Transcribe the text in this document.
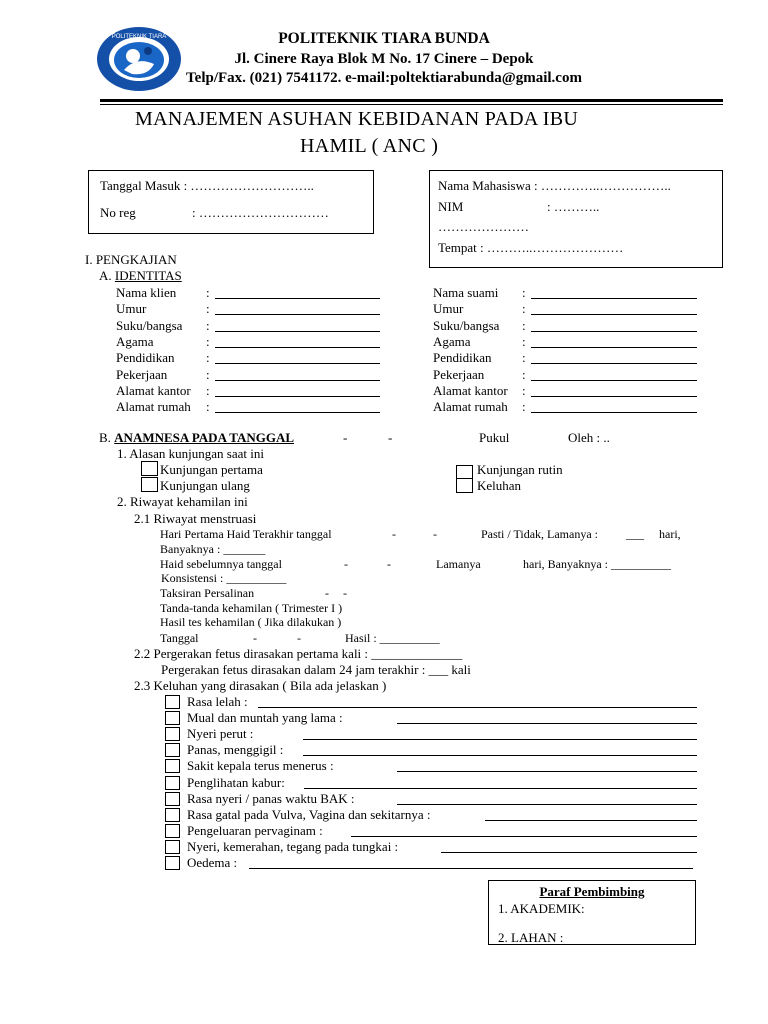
POLITEKNIK TIARA	POLITEKNIK TIARA BUNDA
Jl. Cinere Raya Blok M No. 17 Cinere – Depok
Telp/Fax. (021) 7541172. e-mail:poltektiarabunda@gmail.com
MANAJEMEN ASUHAN KEBIDANAN PADA IBU
HAMIL ( ANC )
Tanggal Masuk : ………………………..
No reg	: …………………………
Nama Mahasiswa : …………..……………..
NIM	: ………..
…………………
Tempat : ………..…………………
I. PENGKAJIAN
A. IDENTITAS
Nama klien :	Nama suami :
Umur	:	Umur	:
Suku/bangsa :	Suku/bangsa :
Agama	:	Agama	:
Pendidikan :	Pendidikan :
Pekerjaan	:	Pekerjaan	:
Alamat kantor :	Alamat kantor :
Alamat rumah :	Alamat rumah :
B. ANAMNESA PADA TANGGAL	-	-	Pukul	Oleh : ..
1. Alasan kunjungan saat ini
Kunjungan pertama
Kunjungan ulang
Kunjungan rutin
Keluhan
2. Riwayat kehamilan ini
2.1 Riwayat menstruasi
Hari Pertama Haid Terakhir tanggal	-	-	Pasti / Tidak, Lamanya : ___ hari,
Banyaknya : _______
Haid sebelumnya tanggal	-	-	Lamanya	hari, Banyaknya : __________
Konsistensi : __________
Taksiran Persalinan	- -
Tanda-tanda kehamilan ( Trimester I )
Hasil tes kehamilan ( Jika dilakukan )
Tanggal	-	-	Hasil : __________
2.2 Pergerakan fetus dirasakan pertama kali : ______________
Pergerakan fetus dirasakan dalam 24 jam terakhir : ___ kali
2.3 Keluhan yang dirasakan ( Bila ada jelaskan )
Rasa lelah :
Mual dan muntah yang lama :
Nyeri perut :
Panas, menggigil :
Sakit kepala terus menerus :
Penglihatan kabur:
Rasa nyeri / panas waktu BAK :
Rasa gatal pada Vulva, Vagina dan sekitarnya :
Pengeluaran pervaginam :
Nyeri, kemerahan, tegang pada tungkai :
Oedema :
Paraf Pembimbing
1. AKADEMIK:
2. LAHAN :
